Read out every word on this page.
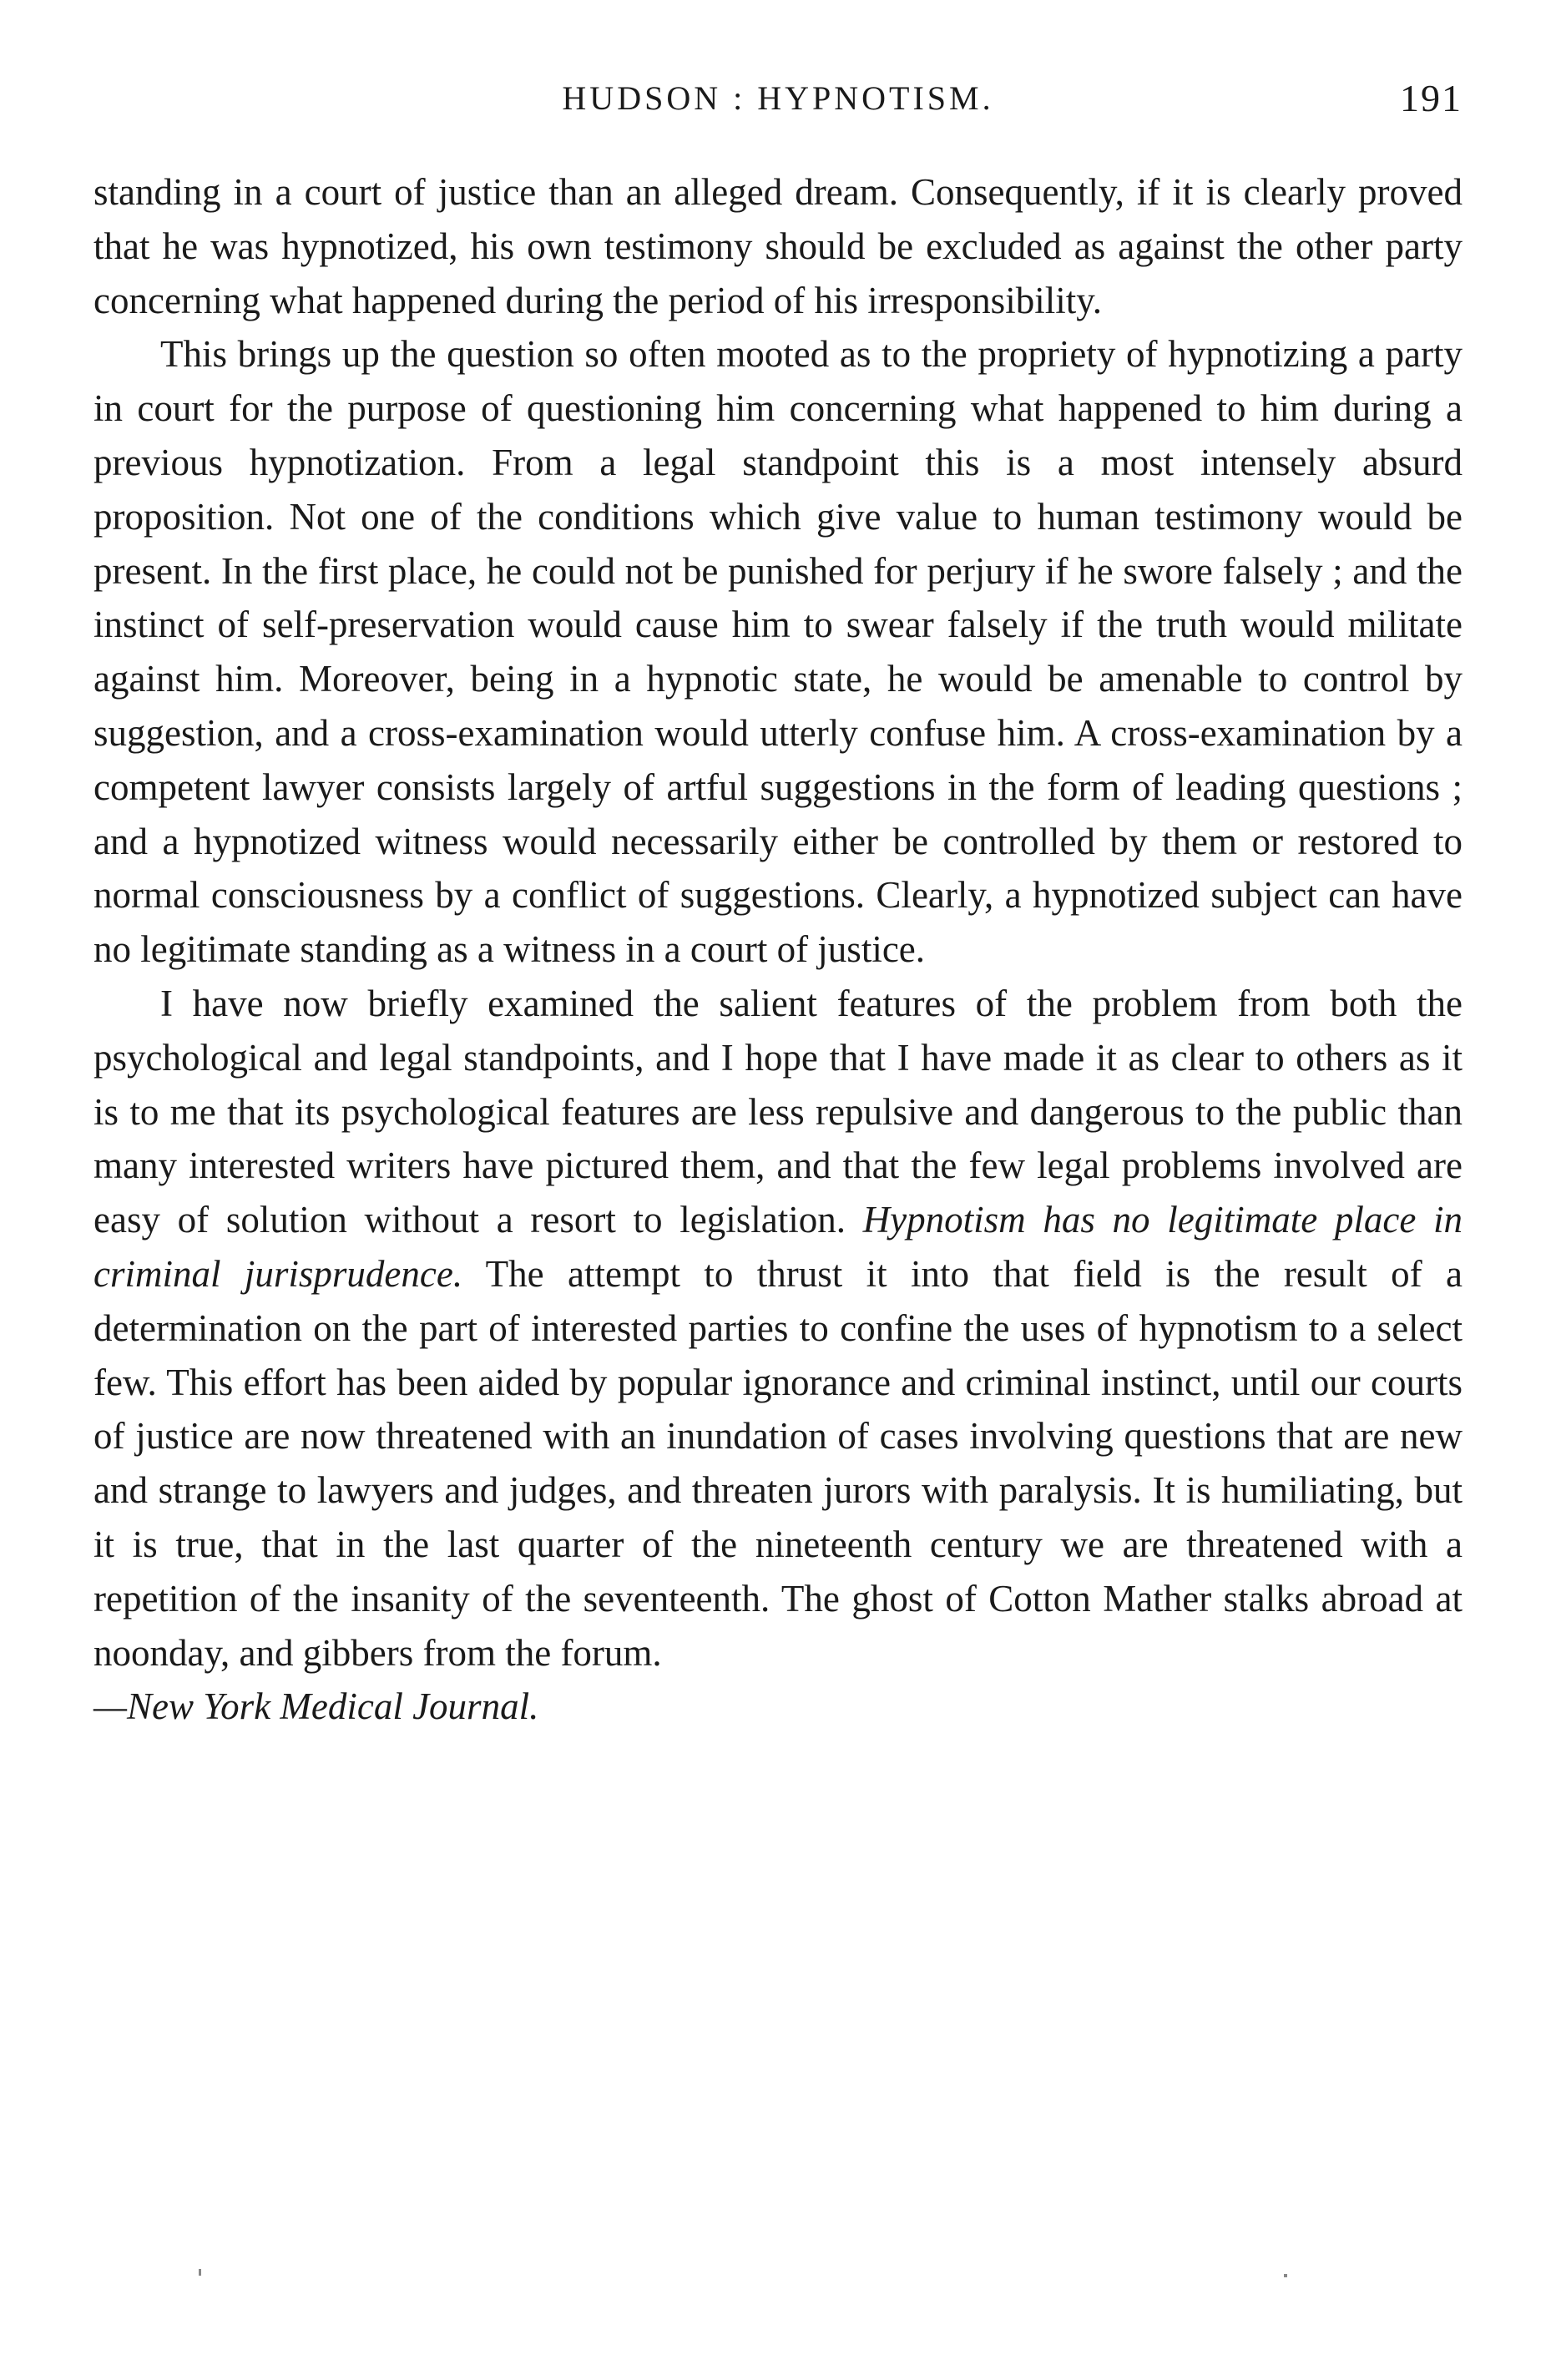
HUDSON : HYPNOTISM.	191

standing in a court of justice than an alleged dream. Consequently, if it is clearly proved that he was hypnotized, his own testimony should be excluded as against the other party concerning what happened during the period of his irresponsibility.

This brings up the question so often mooted as to the propriety of hypnotizing a party in court for the purpose of questioning him concerning what happened to him during a previous hypnotization. From a legal standpoint this is a most intensely absurd proposition. Not one of the conditions which give value to human testimony would be present. In the first place, he could not be punished for perjury if he swore falsely ; and the instinct of self-preservation would cause him to swear falsely if the truth would militate against him. Moreover, being in a hypnotic state, he would be amenable to control by suggestion, and a cross-examination would utterly confuse him. A cross-examination by a competent lawyer consists largely of artful suggestions in the form of leading questions ; and a hypnotized witness would necessarily either be controlled by them or restored to normal consciousness by a conflict of suggestions. Clearly, a hypnotized subject can have no legitimate standing as a witness in a court of justice.

I have now briefly examined the salient features of the problem from both the psychological and legal standpoints, and I hope that I have made it as clear to others as it is to me that its psychological features are less repulsive and dangerous to the public than many interested writers have pictured them, and that the few legal problems involved are easy of solution without a resort to legislation. Hypnotism has no legitimate place in criminal jurisprudence. The attempt to thrust it into that field is the result of a determination on the part of interested parties to confine the uses of hypnotism to a select few. This effort has been aided by popular ignorance and criminal instinct, until our courts of justice are now threatened with an inundation of cases involving questions that are new and strange to lawyers and judges, and threaten jurors with paralysis. It is humiliating, but it is true, that in the last quarter of the nineteenth century we are threatened with a repetition of the insanity of the seventeenth. The ghost of Cotton Mather stalks abroad at noonday, and gibbers from the forum.

—New York Medical Journal.
